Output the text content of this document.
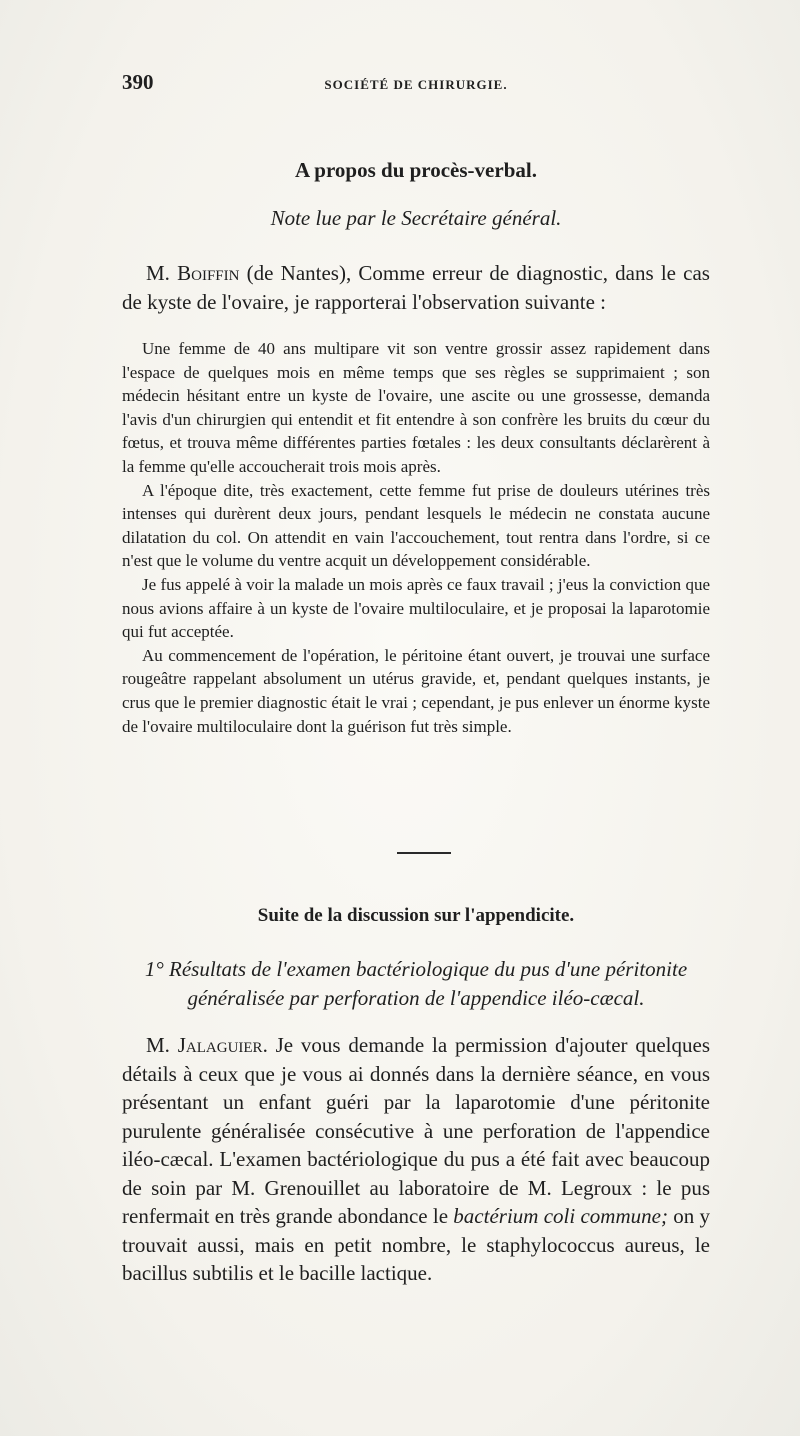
390	SOCIÉTÉ DE CHIRURGIE.
A propos du procès-verbal.
Note lue par le Secrétaire général.
M. Boiffin (de Nantes), Comme erreur de diagnostic, dans le cas de kyste de l'ovaire, je rapporterai l'observation suivante :

Une femme de 40 ans multipare vit son ventre grossir assez rapidement dans l'espace de quelques mois en même temps que ses règles se supprimaient ; son médecin hésitant entre un kyste de l'ovaire, une ascite ou une grossesse, demanda l'avis d'un chirurgien qui entendit et fit entendre à son confrère les bruits du cœur du fœtus, et trouva même différentes parties fœtales : les deux consultants déclarèrent à la femme qu'elle accoucherait trois mois après.

A l'époque dite, très exactement, cette femme fut prise de douleurs utérines très intenses qui durèrent deux jours, pendant lesquels le médecin ne constata aucune dilatation du col. On attendit en vain l'accouchement, tout rentra dans l'ordre, si ce n'est que le volume du ventre acquit un développement considérable.

Je fus appelé à voir la malade un mois après ce faux travail ; j'eus la conviction que nous avions affaire à un kyste de l'ovaire multiloculaire, et je proposai la laparotomie qui fut acceptée.

Au commencement de l'opération, le péritoine étant ouvert, je trouvai une surface rougeâtre rappelant absolument un utérus gravide, et, pendant quelques instants, je crus que le premier diagnostic était le vrai ; cependant, je pus enlever un énorme kyste de l'ovaire multiloculaire dont la guérison fut très simple.

Suite de la discussion sur l'appendicite.
1° Résultats de l'examen bactériologique du pus d'une péritonite généralisée par perforation de l'appendice iléo-cæcal.
M. Jalaguier. Je vous demande la permission d'ajouter quelques détails à ceux que je vous ai donnés dans la dernière séance, en vous présentant un enfant guéri par la laparotomie d'une péritonite purulente généralisée consécutive à une perforation de l'appendice iléo-cæcal. L'examen bactériologique du pus a été fait avec beaucoup de soin par M. Grenouillet au laboratoire de M. Legroux : le pus renfermait en très grande abondance le bactérium coli commune; on y trouvait aussi, mais en petit nombre, le staphylococcus aureus, le bacillus subtilis et le bacille lactique.
